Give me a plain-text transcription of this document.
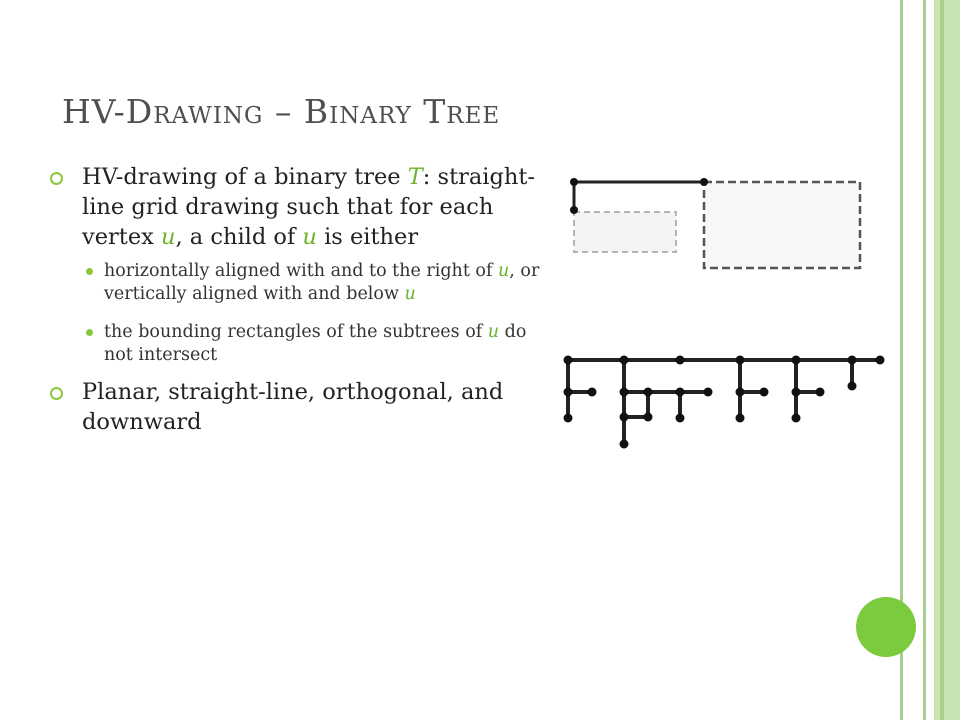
HV-Drawing – Binary Tree
HV-drawing of a binary tree T: straight-line grid drawing such that for each vertex u, a child of u is either
horizontally aligned with and to the right of u, or vertically aligned with and below u
the bounding rectangles of the subtrees of u do not intersect
Planar, straight-line, orthogonal, and downward
